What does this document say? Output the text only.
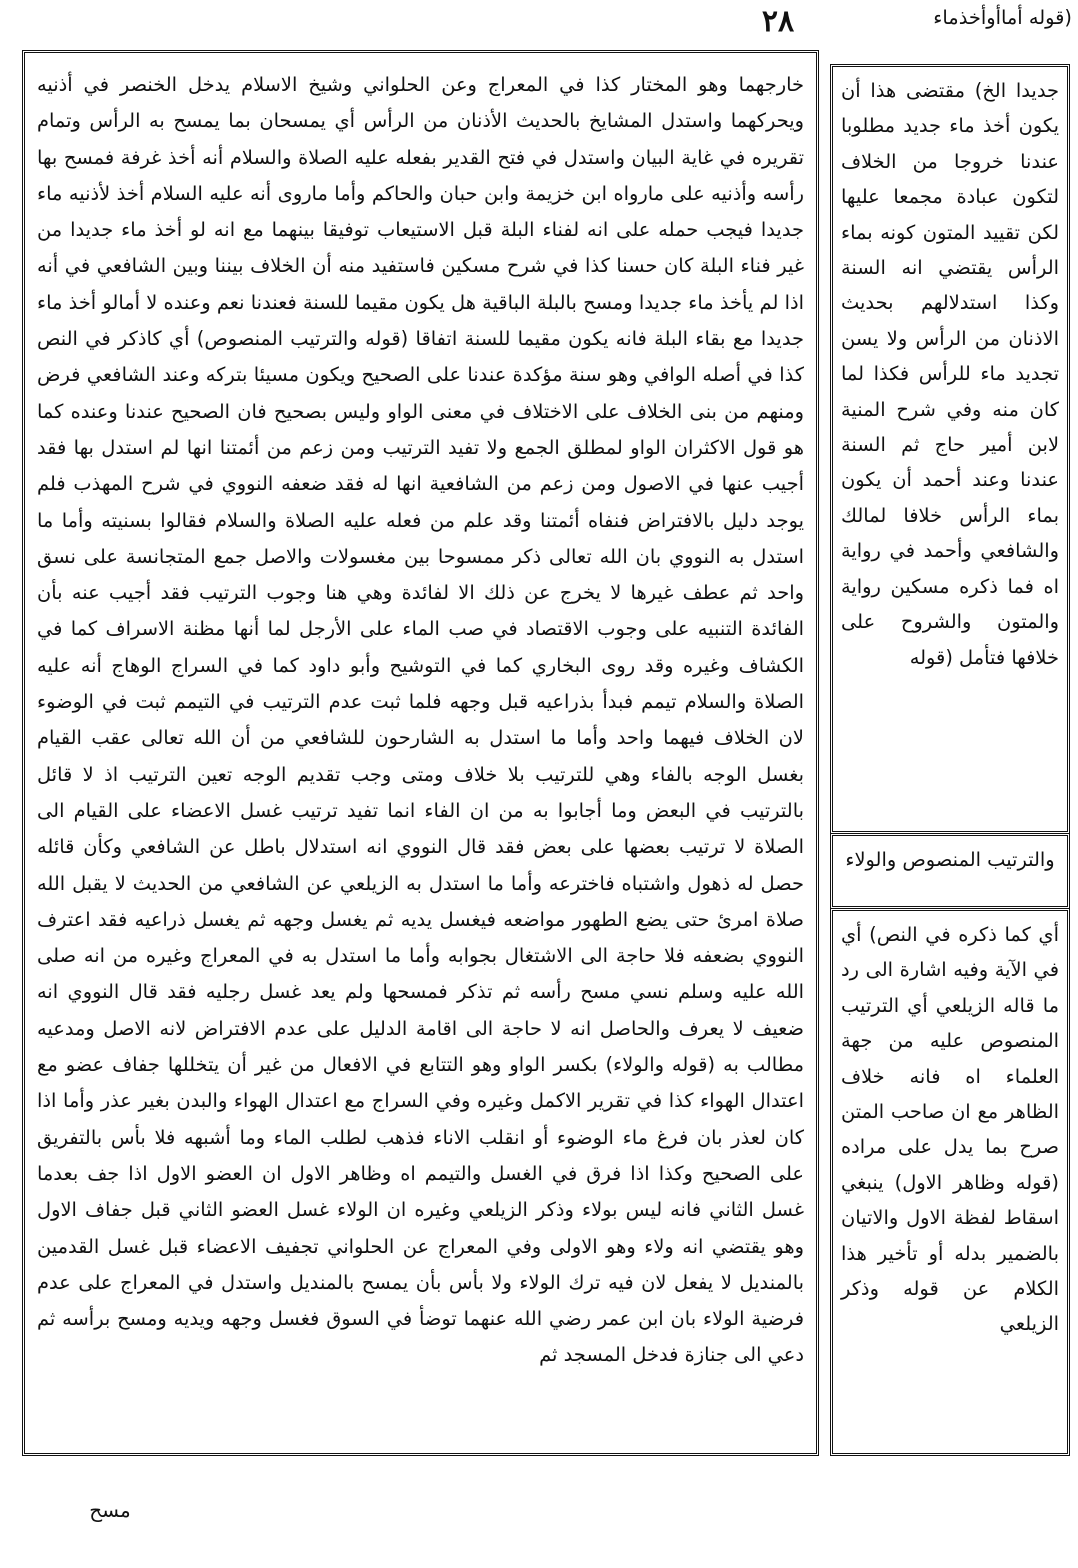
٢٨	(قوله أماأوأخذماء

خارجهما وهو المختار كذا في المعراج وعن الحلواني وشيخ الاسلام يدخل الخنصر في أذنيه ويحركهما واستدل المشايخ بالحديث الأذنان من الرأس أي يمسحان بما يمسح به الرأس وتمام تقريره في غاية البيان واستدل في فتح القدير بفعله عليه الصلاة والسلام أنه أخذ غرفة فمسح بها رأسه وأذنيه على مارواه ابن خزيمة وابن حبان والحاكم وأما ماروى أنه عليه السلام أخذ لأذنيه ماء جديدا فيجب حمله على انه لفناء البلة قبل الاستيعاب توفيقا بينهما مع انه لو أخذ ماء جديدا من غير فناء البلة كان حسنا كذا في شرح مسكين فاستفيد منه أن الخلاف بيننا وبين الشافعي في أنه اذا لم يأخذ ماء جديدا ومسح بالبلة الباقية هل يكون مقيما للسنة فعندنا نعم وعنده لا أمالو أخذ ماء جديدا مع بقاء البلة فانه يكون مقيما للسنة اتفاقا (قوله والترتيب المنصوص) أي كاذكر في النص كذا في أصله الوافي وهو سنة مؤكدة عندنا على الصحيح ويكون مسيئا بتركه وعند الشافعي فرض ومنهم من بنى الخلاف على الاختلاف في معنى الواو وليس بصحيح فان الصحيح عندنا وعنده كما هو قول الاكثران الواو لمطلق الجمع ولا تفيد الترتيب ومن زعم من أئمتنا انها لم استدل بها فقد أجيب عنها في الاصول ومن زعم من الشافعية انها له فقد ضعفه النووي في شرح المهذب فلم يوجد دليل بالافتراض فنفاه أئمتنا وقد علم من فعله عليه الصلاة والسلام فقالوا بسنيته وأما ما استدل به النووي بان الله تعالى ذكر ممسوحا بين مغسولات والاصل جمع المتجانسة على نسق واحد ثم عطف غيرها لا يخرج عن ذلك الا لفائدة وهي هنا وجوب الترتيب فقد أجيب عنه بأن الفائدة التنبيه على وجوب الاقتصاد في صب الماء على الأرجل لما أنها مظنة الاسراف كما في الكشاف وغيره وقد روى البخاري كما في التوشيح وأبو داود كما في السراج الوهاج أنه عليه الصلاة والسلام تيمم فبدأ بذراعيه قبل وجهه فلما ثبت عدم الترتيب في التيمم ثبت في الوضوء لان الخلاف فيهما واحد وأما ما استدل به الشارحون للشافعي من أن الله تعالى عقب القيام بغسل الوجه بالفاء وهي للترتيب بلا خلاف ومتى وجب تقديم الوجه تعين الترتيب اذ لا قائل بالترتيب في البعض وما أجابوا به من ان الفاء انما تفيد ترتيب غسل الاعضاء على القيام الى الصلاة لا ترتيب بعضها على بعض فقد قال النووي انه استدلال باطل عن الشافعي وكأن قائله حصل له ذهول واشتباه فاخترعه وأما ما استدل به الزيلعي عن الشافعي من الحديث لا يقبل الله صلاة امرئ حتى يضع الطهور مواضعه فيغسل يديه ثم يغسل وجهه ثم يغسل ذراعيه فقد اعترف النووي بضعفه فلا حاجة الى الاشتغال بجوابه وأما ما استدل به في المعراج وغيره من انه صلى الله عليه وسلم نسي مسح رأسه ثم تذكر فمسحها ولم يعد غسل رجليه فقد قال النووي انه ضعيف لا يعرف والحاصل انه لا حاجة الى اقامة الدليل على عدم الافتراض لانه الاصل ومدعيه مطالب به (قوله والولاء) بكسر الواو وهو التتابع في الافعال من غير أن يتخللها جفاف عضو مع اعتدال الهواء كذا في تقرير الاكمل وغيره وفي السراج مع اعتدال الهواء والبدن بغير عذر وأما اذا كان لعذر بان فرغ ماء الوضوء أو انقلب الاناء فذهب لطلب الماء وما أشبهه فلا بأس بالتفريق على الصحيح وكذا اذا فرق في الغسل والتيمم اه وظاهر الاول ان العضو الاول اذا جف بعدما غسل الثاني فانه ليس بولاء وذكر الزيلعي وغيره ان الولاء غسل العضو الثاني قبل جفاف الاول وهو يقتضي انه ولاء وهو الاولى وفي المعراج عن الحلواني تجفيف الاعضاء قبل غسل القدمين بالمنديل لا يفعل لان فيه ترك الولاء ولا بأس بأن يمسح بالمنديل واستدل في المعراج على عدم فرضية الولاء بان ابن عمر رضي الله عنهما توضأ في السوق فغسل وجهه ويديه ومسح برأسه ثم دعي الى جنازة فدخل المسجد ثم

جديدا الخ) مقتضى هذا أن يكون أخذ ماء جديد مطلوبا عندنا خروجا من الخلاف لتكون عبادة مجمعا عليها لكن تقييد المتون كونه بماء الرأس يقتضي انه السنة وكذا استدلالهم بحديث الاذنان من الرأس ولا يسن تجديد ماء للرأس فكذا لما كان منه وفي شرح المنية لابن أمير حاج ثم السنة عندنا وعند أحمد أن يكون بماء الرأس خلافا لمالك والشافعي وأحمد في رواية اه فما ذكره مسكين رواية والمتون والشروح على خلافها فتأمل (قوله

والترتيب المنصوص والولاء

أي كما ذكره في النص) أي في الآية وفيه اشارة الى رد ما قاله الزيلعي أي الترتيب المنصوص عليه من جهة العلماء اه فانه خلاف الظاهر مع ان صاحب المتن صرح بما يدل على مراده (قوله وظاهر الاول) ينبغي اسقاط لفظة الاول والاتيان بالضمير بدله أو تأخير هذا الكلام عن قوله وذكر الزيلعي

مسح
